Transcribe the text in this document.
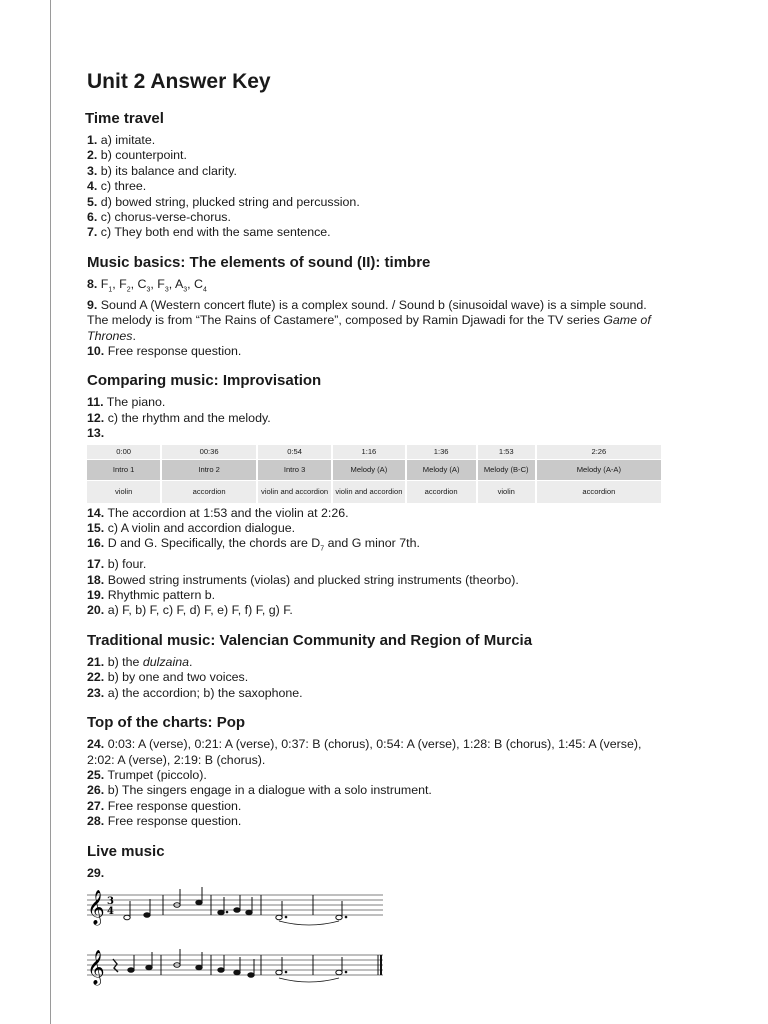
Unit 2 Answer Key
Time travel
1. a) imitate.
2. b) counterpoint.
3. b) its balance and clarity.
4. c) three.
5. d) bowed string, plucked string and percussion.
6. c) chorus-verse-chorus.
7. c) They both end with the same sentence.
Music basics: The elements of sound (II): timbre
8. $F_1$, $F_2$, $C_3$, $F_3$, $A_3$, $C_4$
9. Sound A (Western concert flute) is a complex sound. / Sound b (sinusoidal wave) is a simple sound. The melody is from “The Rains of Castamere”, composed by Ramin Djawadi for the TV series Game of Thrones.
10. Free response question.
Comparing music: Improvisation
11. The piano.
12. c) the rhythm and the melody.
13.
0:00	00:36	0:54	1:16	1:36	1:53	2:26
Intro 1	Intro 2	Intro 3	Melody (A)	Melody (A)	Melody (B-C)	Melody (A-A)
violin	accordion	violin and accordion	violin and accordion	accordion	violin	accordion
14. The accordion at 1:53 and the violin at 2:26.
15. c) A violin and accordion dialogue.
16. D and G. Specifically, the chords are $D_7$ and G minor 7th.
17. b) four.
18. Bowed string instruments (violas) and plucked string instruments (theorbo).
19. Rhythmic pattern b.
20. a) F, b) F, c) F, d) F, e) F, f) F, g) F.
Traditional music: Valencian Community and Region of Murcia
21. b) the dulzaina.
22. b) by one and two voices.
23. a) the accordion; b) the saxophone.
Top of the charts: Pop
24. 0:03: A (verse), 0:21: A (verse), 0:37: B (chorus), 0:54: A (verse), 1:28: B (chorus), 1:45: A (verse), 2:02: A (verse), 2:19: B (chorus).
25. Trumpet (piccolo).
26. b) The singers engage in a dialogue with a solo instrument.
27. Free response question.
28. Free response question.
Live music
29.
𝄞 3
4
𝄞
